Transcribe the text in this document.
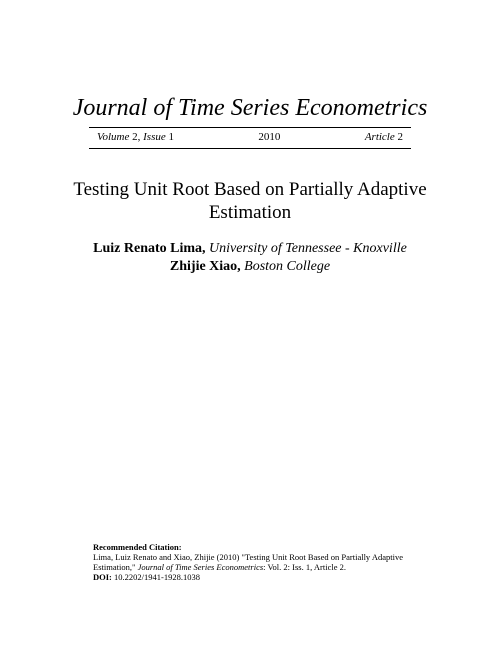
Journal of Time Series Econometrics
Volume 2, Issue 1	2010	Article 2
Testing Unit Root Based on Partially Adaptive
Estimation
Luiz Renato Lima, University of Tennessee - Knoxville
Zhijie Xiao, Boston College
Recommended Citation:
Lima, Luiz Renato and Xiao, Zhijie (2010) "Testing Unit Root Based on Partially Adaptive
Estimation," Journal of Time Series Econometrics: Vol. 2: Iss. 1, Article 2.
DOI: 10.2202/1941-1928.1038
